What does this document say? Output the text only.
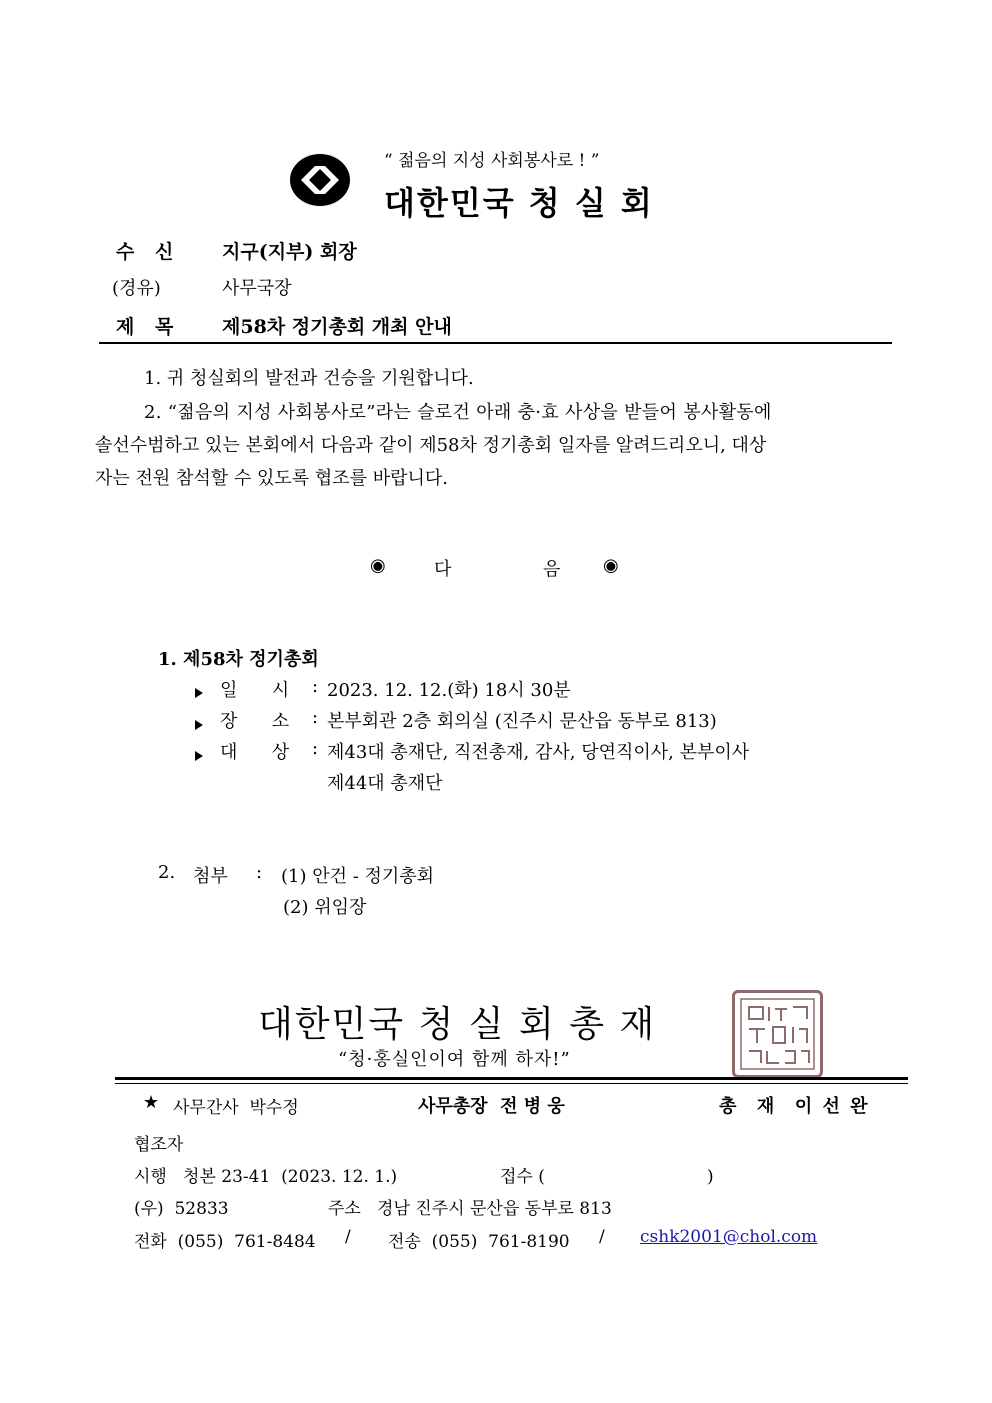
“ 젊음의 지성 사회봉사로 ! ”
대한민국 청 실 회
수 신	지구(지부) 회장
(경유)	사무국장
제 목	제58차 정기총회 개최 안내
1. 귀 청실회의 발전과 건승을 기원합니다.
2. “젊음의 지성 사회봉사로”라는 슬로건 아래 충·효 사상을 받들어 봉사활동에
솔선수범하고 있는 본회에서 다음과 같이 제58차 정기총회 일자를 알려드리오니, 대상
자는 전원 참석할 수 있도록 협조를 바랍니다.
◉	다	음 ◉
1. 제58차 정기총회
일      시 : 2023. 12. 12.(화) 18시 30분
장      소 : 본부회관 2층 회의실 (진주시 문산읍 동부로 813)
대      상 : 제43대 총재단, 직전총재, 감사, 당연직이사, 본부이사
제44대 총재단
2. 첨부 : (1) 안건 - 정기총회
(2) 위임장
대한민국 청 실 회 총 재
“청·홍실인이여 함께 하자!”
★ 사무간사  박수정	사무총장  전 병 웅	총  재  이 선 완
협조자
시행   청본 23-41  (2023. 12. 1.)	접수 (                              )
(우)  52833	주소   경남 진주시 문산읍 동부로 813
전화  (055)  761-8484 / 전송  (055)  761-8190 / cshk2001@chol.com
